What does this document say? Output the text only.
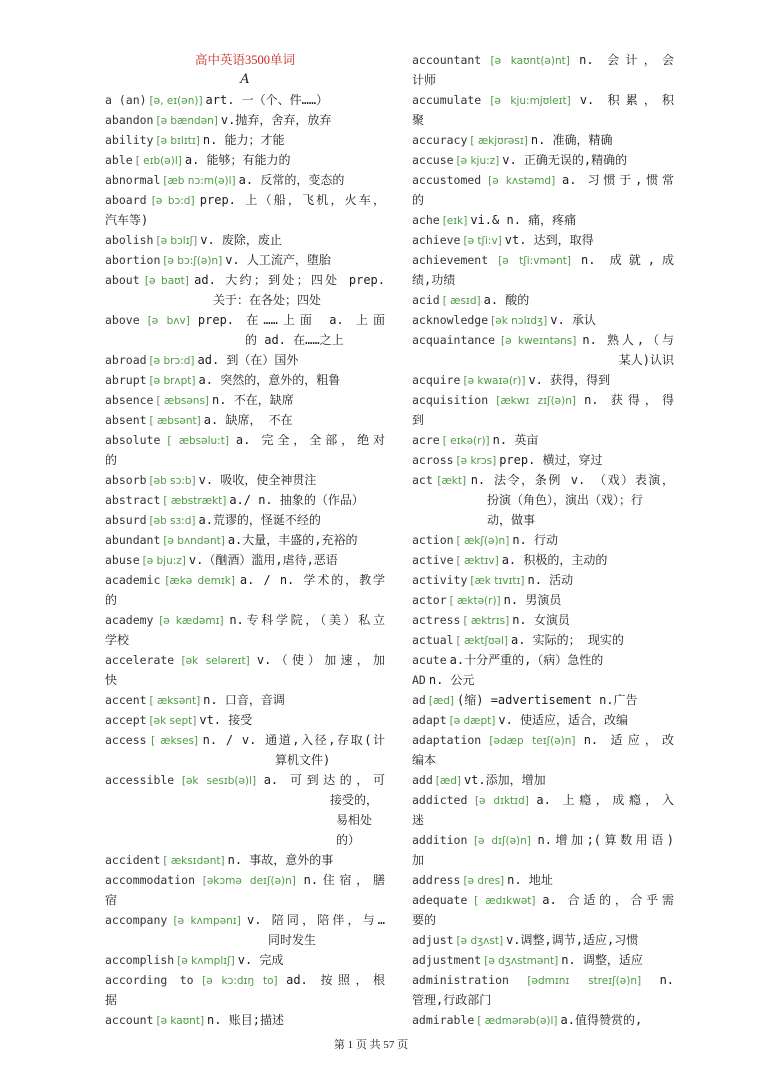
高中英语3500单词
A
a (an) [ə, eɪ(ən)] art. 一（个、件……）
abandon [ə bændən] v.抛弃，舍弃，放弃
ability [ə bɪlɪtɪ] n. 能力；才能
able [ eɪb(ə)l] a. 能够；有能力的
abnormal [æb nɔ:m(ə)l] a. 反常的，变态的
aboard [ə bɔ:d] prep. 上（船，飞机，火车，
汽车等)
abolish [ə bɔlɪʃ] v. 废除，废止
abortion [ə bɔ:ʃ(ə)n] v. 人工流产，堕胎
about [ə baʊt] ad. 大约；到处；四处 prep.
关于：在各处；四处
above [ə bʌv] prep. 在……上面 a. 上面
的 ad. 在……之上
abroad [ə brɔ:d] ad. 到（在）国外
abrupt [ə brʌpt] a. 突然的，意外的，粗鲁
absence [ æbsəns] n. 不在，缺席
absent [ æbsənt] a. 缺席， 不在
absolute [ æbsəlu:t] a. 完全，全部，绝对
的
absorb [əb sɔ:b] v. 吸收，使全神贯注
abstract [ æbstrækt] a./ n. 抽象的（作品）
absurd [əb sɜ:d] a.荒谬的，怪诞不经的
abundant [ə bʌndənt] a.大量，丰盛的,充裕的
abuse [ə bju:z] v.（酗酒）滥用,虐待,恶语
academic [ækə demɪk] a. / n. 学术的，教学
的
academy [ə kædəmɪ] n.专科学院，（美）私立
学校
accelerate [ək seləreɪt] v.（使）加速，加
快
accent [ æksənt] n. 口音，音调
accept [ək sept] vt. 接受
access [ ækses] n. / v. 通道,入径,存取(计
算机文件)
accessible [ək sesɪb(ə)l] a. 可到达的，可
接受的，
易相处
的）
accident [ æksɪdənt] n. 事故，意外的事
accommodation [əkɔmə deɪʃ(ə)n] n.住宿，膳
宿
accompany [ə kʌmpənɪ] v. 陪同，陪伴，与…
同时发生
accomplish [ə kʌmplɪʃ] v. 完成
according to [ə kɔ:dɪŋ to] ad. 按照，根
据
account [ə kaʊnt] n. 账目;描述
accountant [ə kaʊnt(ə)nt] n. 会计，会
计师
accumulate [ə kju:mjʊleɪt] v. 积累，积
聚
accuracy [ ækjʊrəsɪ] n. 准确，精确
accuse [ə kju:z] v. 正确无误的,精确的
accustomed [ə kʌstəmd] a. 习惯于,惯常
的
ache [eɪk] vi.& n. 痛，疼痛
achieve [ə tʃi:v] vt. 达到，取得
achievement [ə tʃi:vmənt] n. 成就,成
绩,功绩
acid [ æsɪd] a. 酸的
acknowledge [ək nɔlɪdʒ] v. 承认
acquaintance [ə kweɪntəns] n. 熟人,（与
某人)认识
acquire [ə kwaɪə(r)] v. 获得，得到
acquisition [ækwɪ zɪʃ(ə)n] n. 获得，得
到
acre [ eɪkə(r)] n. 英亩
across [ə krɔs] prep. 横过，穿过
act [ækt] n. 法令，条例 v. （戏）表演，
扮演（角色），演出（戏）；行
动，做事
action [ ækʃ(ə)n] n. 行动
active [ æktɪv] a. 积极的，主动的
activity [æk tɪvɪtɪ] n. 活动
actor [ æktə(r)] n. 男演员
actress [ æktrɪs] n. 女演员
actual [ æktʃʊəl] a. 实际的； 现实的
acute a.十分严重的,（病）急性的
AD n. 公元
ad [æd] (缩) =advertisement n.广告
adapt [ə dæpt] v. 使适应，适合，改编
adaptation [ədæp teɪʃ(ə)n] n. 适应，改
编本
add [æd] vt.添加，增加
addicted [ə dɪktɪd] a. 上瘾，成瘾，入
迷
addition [ə dɪʃ(ə)n] n.增加;(算数用语)
加
address [ə dres] n. 地址
adequate [ ædɪkwət] a. 合适的，合乎需
要的
adjust [ə dʒʌst] v.调整,调节,适应,习惯
adjustment [ə dʒʌstmənt] n. 调整，适应
administration [ədmɪnɪ streɪʃ(ə)n] n.
管理,行政部门
admirable [ ædmərəb(ə)l] a.值得赞赏的,
第 1 页 共 57 页
